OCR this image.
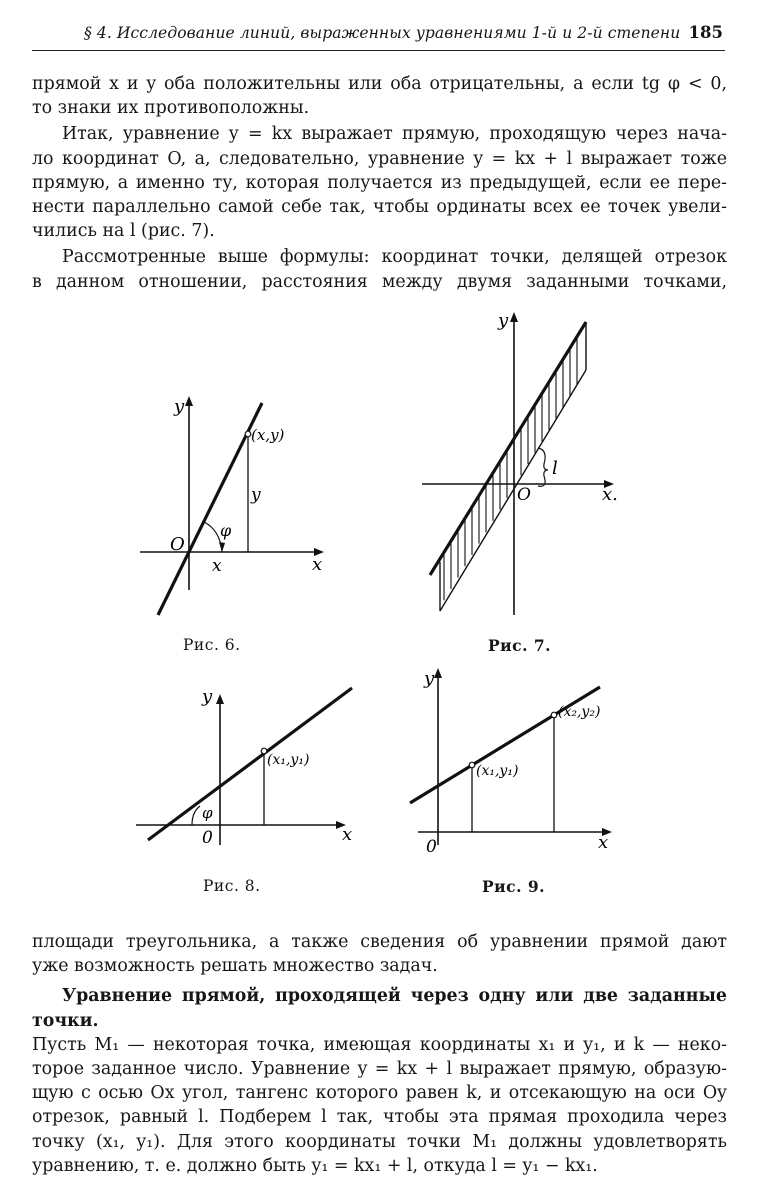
§ 4. Исследование линий, выраженных уравнениями 1-й и 2-й степени 185

прямой x и y оба положительны или оба отрицательны, а если tg φ < 0,

то знаки их противоположны.

Итак, уравнение y = kx выражает прямую, проходящую через нача-

ло координат O, а, следовательно, уравнение y = kx + l выражает тоже

прямую, а именно ту, которая получается из предыдущей, если ее пере-

нести параллельно самой себе так, чтобы ординаты всех ее точек увели-

чились на l (рис. 7).

Рассмотренные выше формулы: координат точки, делящей отрезок

в данном отношении, расстояния между двумя заданными точками,

y
x
O
(x,y)
y
x
φ
Рис. 6.
y
x.
O
l
Рис. 7.
y
x
0
(x₁,y₁)
φ
Рис. 8.
y
x
0
(x₁,y₁)
(x₂,y₂)
Рис. 9.

площади треугольника, а также сведения об уравнении прямой дают

уже возможность решать множество задач.

Уравнение прямой, проходящей через одну или две заданные точки.

Пусть M₁ — некоторая точка, имеющая координаты x₁ и y₁, и k — неко-

торое заданное число. Уравнение y = kx + l выражает прямую, образую-

щую с осью Ox угол, тангенс которого равен k, и отсекающую на оси Oy

отрезок, равный l. Подберем l так, чтобы эта прямая проходила через

точку (x₁, y₁). Для этого координаты точки M₁ должны удовлетворять

уравнению, т. е. должно быть y₁ = kx₁ + l, откуда l = y₁ − kx₁.
